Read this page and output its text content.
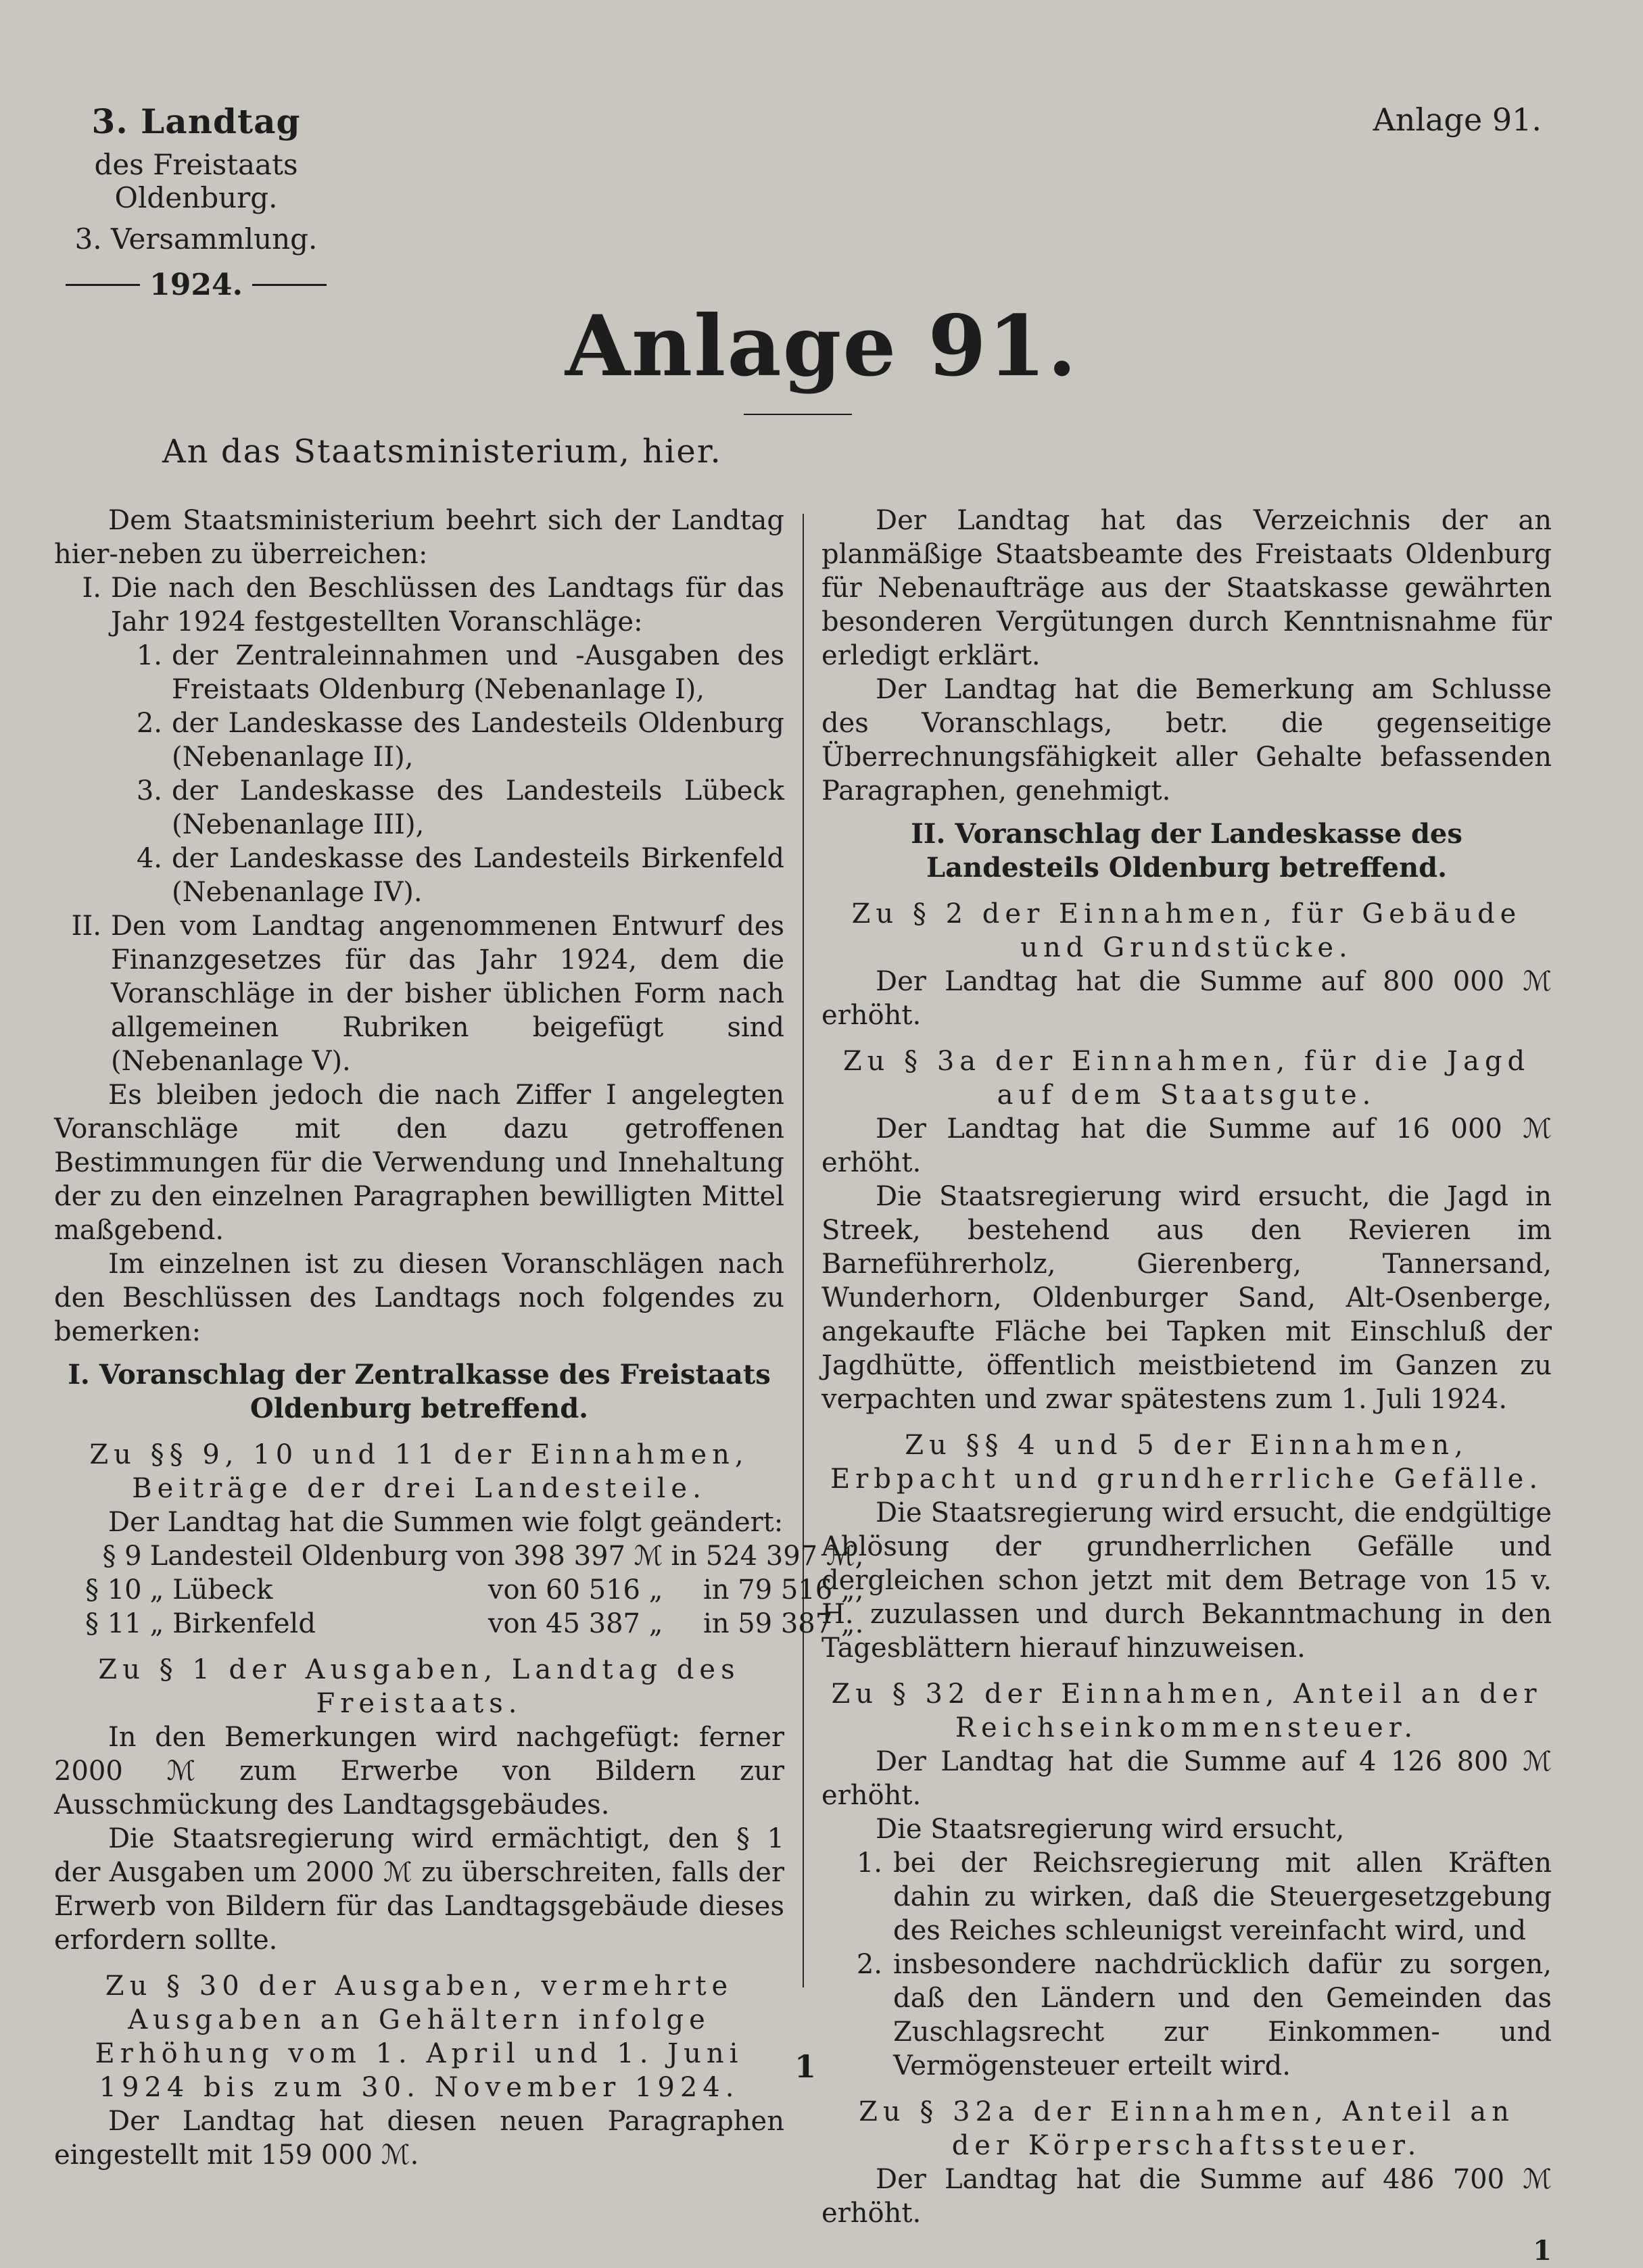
3. Landtag
des Freistaats Oldenburg.
3. Versammlung.
1924.
Anlage 91.
Anlage 91.
An das Staatsministerium, hier.

Dem Staatsministerium beehrt sich der Landtag hier-neben zu überreichen:

I. Die nach den Beschlüssen des Landtags für das Jahr 1924 festgestellten Voranschläge:
1. der Zentraleinnahmen und -Ausgaben des Freistaats Oldenburg (Nebenanlage I),
2. der Landeskasse des Landesteils Oldenburg (Nebenanlage II),
3. der Landeskasse des Landesteils Lübeck (Nebenanlage III),
4. der Landeskasse des Landesteils Birkenfeld (Nebenanlage IV).
II. Den vom Landtag angenommenen Entwurf des Finanzgesetzes für das Jahr 1924, dem die Voranschläge in der bisher üblichen Form nach allgemeinen Rubriken beigefügt sind (Nebenanlage V).

Es bleiben jedoch die nach Ziffer I angelegten Voranschläge mit den dazu getroffenen Bestimmungen für die Verwendung und Innehaltung der zu den einzelnen Paragraphen bewilligten Mittel maßgebend.

Im einzelnen ist zu diesen Voranschlägen nach den Beschlüssen des Landtags noch folgendes zu bemerken:

I. Voranschlag der Zentralkasse des Freistaats Oldenburg betreffend.
Zu §§ 9, 10 und 11 der Einnahmen, Beiträge der drei Landesteile.

Der Landtag hat die Summen wie folgt geändert:

§ 9	Landesteil Oldenburg	von 398 397 ℳ	in 524 397 ℳ,
§ 10	„ Lübeck	von 60 516 „	in 79 516 „,
§ 11	„ Birkenfeld	von 45 387 „	in 59 387 „.
Zu § 1 der Ausgaben, Landtag des Freistaats.

In den Bemerkungen wird nachgefügt: ferner 2000 ℳ zum Erwerbe von Bildern zur Ausschmückung des Landtagsgebäudes.

Die Staatsregierung wird ermächtigt, den § 1 der Ausgaben um 2000 ℳ zu überschreiten, falls der Erwerb von Bildern für das Landtagsgebäude dieses erfordern sollte.

Zu § 30 der Ausgaben, vermehrte Ausgaben an Gehältern infolge Erhöhung vom 1. April und 1. Juni 1924 bis zum 30. November 1924.

Der Landtag hat diesen neuen Paragraphen eingestellt mit 159 000 ℳ.

Der Landtag hat das Verzeichnis der an planmäßige Staatsbeamte des Freistaats Oldenburg für Nebenaufträge aus der Staatskasse gewährten besonderen Vergütungen durch Kenntnisnahme für erledigt erklärt.

Der Landtag hat die Bemerkung am Schlusse des Voranschlags, betr. die gegenseitige Überrechnungsfähigkeit aller Gehalte befassenden Paragraphen, genehmigt.

II. Voranschlag der Landeskasse des Landesteils Oldenburg betreffend.
Zu § 2 der Einnahmen, für Gebäude und Grundstücke.

Der Landtag hat die Summe auf 800 000 ℳ erhöht.

Zu § 3a der Einnahmen, für die Jagd auf dem Staatsgute.

Der Landtag hat die Summe auf 16 000 ℳ erhöht.

Die Staatsregierung wird ersucht, die Jagd in Streek, bestehend aus den Revieren im Barneführerholz, Gierenberg, Tannersand, Wunderhorn, Oldenburger Sand, Alt-Osenberge, angekaufte Fläche bei Tapken mit Einschluß der Jagdhütte, öffentlich meistbietend im Ganzen zu verpachten und zwar spätestens zum 1. Juli 1924.

Zu §§ 4 und 5 der Einnahmen, Erbpacht und grundherrliche Gefälle.

Die Staatsregierung wird ersucht, die endgültige Ablösung der grundherrlichen Gefälle und dergleichen schon jetzt mit dem Betrage von 15 v. H. zuzulassen und durch Bekanntmachung in den Tagesblättern hierauf hinzuweisen.

Zu § 32 der Einnahmen, Anteil an der Reichseinkommensteuer.

Der Landtag hat die Summe auf 4 126 800 ℳ erhöht.

Die Staatsregierung wird ersucht,

1. bei der Reichsregierung mit allen Kräften dahin zu wirken, daß die Steuergesetzgebung des Reiches schleunigst vereinfacht wird, und
2. insbesondere nachdrücklich dafür zu sorgen, daß den Ländern und den Gemeinden das Zuschlagsrecht zur Einkommen- und Vermögensteuer erteilt wird.
Zu § 32a der Einnahmen, Anteil an der Körperschaftssteuer.

Der Landtag hat die Summe auf 486 700 ℳ erhöht.

1
1
